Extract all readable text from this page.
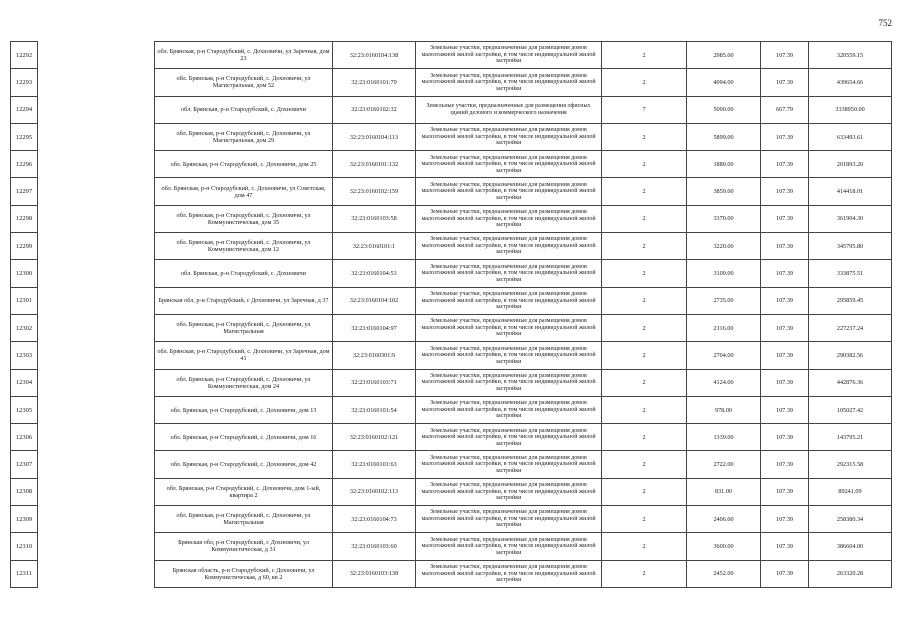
752
12292		обл. Брянская, р-н Стародубский, с. Дохновичи, ул Заречная, дом 23	32:23:0160104:138	Земельные участки, предназначенные для размещения домов малоэтажной жилой застройки, в том числе индивидуальной жилой застройки	2	2985.00	107.39	320559.15
12293		обл. Брянская, р-н Стародубский, с. Дохновичи, ул Магистральная, дом 52	32:23:0160101:79	Земельные участки, предназначенные для размещения домов малоэтажной жилой застройки, в том числе индивидуальной жилой застройки	2	4094.00	107.39	439654.66
12294		обл. Брянская, р-н Стародубский, с. Дохновичи	32:23:0160102:32	Земельные участки, предназначенные для размещения офисных зданий делового и коммерческого назначения	7	5000.00	667.79	3338950.00
12295		обл. Брянская, р-н Стародубский, с. Дохновичи, ул Магистральная, дом 29	32:23:0160104:113	Земельные участки, предназначенные для размещения домов малоэтажной жилой застройки, в том числе индивидуальной жилой застройки	2	5899.00	107.39	633493.61
12296		обл. Брянская, р-н Стародубский, с. Дохновичи, дом 25	32:23:0160101:132	Земельные участки, предназначенные для размещения домов малоэтажной жилой застройки, в том числе индивидуальной жилой застройки	2	1880.00	107.39	201893.20
12297		обл. Брянская, р-н Стародубский, с. Дохновичи, ул Советская, дом 47	32:23:0160102:159	Земельные участки, предназначенные для размещения домов малоэтажной жилой застройки, в том числе индивидуальной жилой застройки	2	3859.00	107.39	414418.01
12298		обл. Брянская, р-н Стародубский, с. Дохновичи, ул Коммунистическая, дом 35	32:23:0160103:58	Земельные участки, предназначенные для размещения домов малоэтажной жилой застройки, в том числе индивидуальной жилой застройки	2	3370.00	107.39	361904.30
12299		обл. Брянская, р-н Стародубский, с. Дохновичи, ул Коммунистическая, дом 12	32:23:0160101:1	Земельные участки, предназначенные для размещения домов малоэтажной жилой застройки, в том числе индивидуальной жилой застройки	2	3220.00	107.39	345795.80
12300		обл. Брянская, р-н Стародубский, с. Дохновичи	32:23:0160104:53	Земельные участки, предназначенные для размещения домов малоэтажной жилой застройки, в том числе индивидуальной жилой застройки	2	3109.00	107.39	333875.51
12301		Брянская обл, р-н Стародубский, с Дохновичи, ул Заречная, д 37	32:23:0160104:102	Земельные участки, предназначенные для размещения домов малоэтажной жилой застройки, в том числе индивидуальной жилой застройки	2	2735.00	107.39	295859.45
12302		обл. Брянская, р-н Стародубский, с. Дохновичи, ул Магистральная	32:23:0160104:97	Земельные участки, предназначенные для размещения домов малоэтажной жилой застройки, в том числе индивидуальной жилой застройки	2	2116.00	107.39	227237.24
12303		обл. Брянская, р-н Стародубский, с. Дохновичи, ул Заречная, дом 41	32:23:0160301:9	Земельные участки, предназначенные для размещения домов малоэтажной жилой застройки, в том числе индивидуальной жилой застройки	2	2704.00	107.39	290382.56
12304		обл. Брянская, р-н Стародубский, с. Дохновичи, ул Коммунистическая, дом 24	32:23:0160103:71	Земельные участки, предназначенные для размещения домов малоэтажной жилой застройки, в том числе индивидуальной жилой застройки	2	4124.00	107.39	442876.36
12305		обл. Брянская, р-н Стародубский, с. Дохновичи, дом 13	32:23:0160101:54	Земельные участки, предназначенные для размещения домов малоэтажной жилой застройки, в том числе индивидуальной жилой застройки	2	978.00	107.39	105027.42
12306		обл. Брянская, р-н Стародубский, с. Дохновичи, дом 16	32:23:0160102:121	Земельные участки, предназначенные для размещения домов малоэтажной жилой застройки, в том числе индивидуальной жилой застройки	2	1339.00	107.39	143795.21
12307		обл. Брянская, р-н Стародубский, с. Дохновичи, дом 42	32:23:0160101:63	Земельные участки, предназначенные для размещения домов малоэтажной жилой застройки, в том числе индивидуальной жилой застройки	2	2722.00	107.39	292315.58
12308		обл. Брянская, р-н Стародубский, с. Дохновичи, дом 1-ый, квартира 2	32:23:0160102:113	Земельные участки, предназначенные для размещения домов малоэтажной жилой застройки, в том числе индивидуальной жилой застройки	2	831.00	107.39	89241.09
12309		обл. Брянская, р-н Стародубский, с. Дохновичи, ул Магистральная	32:23:0160104:73	Земельные участки, предназначенные для размещения домов малоэтажной жилой застройки, в том числе индивидуальной жилой застройки	2	2406.00	107.39	258380.34
12310		Брянская обл, р-н Стародубский, с Дохновичи, ул Коммунистическая, д 31	32:23:0160103:60	Земельные участки, предназначенные для размещения домов малоэтажной жилой застройки, в том числе индивидуальной жилой застройки	2	3600.00	107.39	386604.00
12311		Брянская область, р-н Стародубский, с Дохновичи, ул Коммунистическая, д 60, кв 2	32:23:0160103:138	Земельные участки, предназначенные для размещения домов малоэтажной жилой застройки, в том числе индивидуальной жилой застройки	2	2452.00	107.39	263320.28
